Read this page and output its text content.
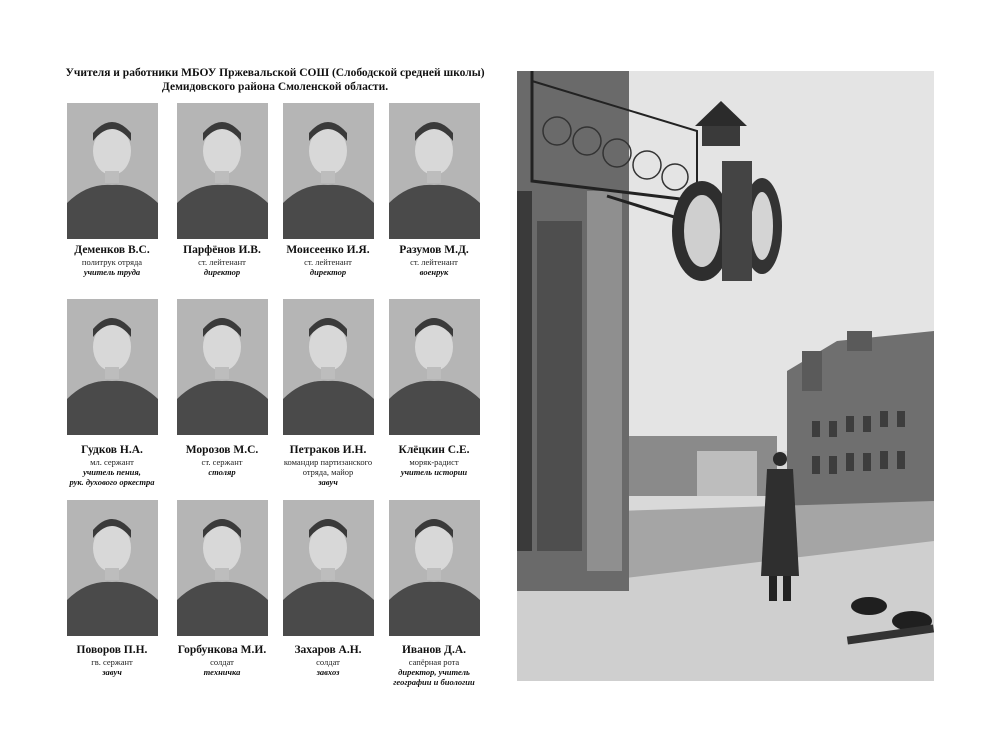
Учителя и работники МБОУ Пржевальской СОШ (Слободской средней школы)
Демидовского района Смоленской области.
Деменков В.С.
политрук отряда
учитель труда
Парфёнов И.В.
ст. лейтенант
директор
Моисеенко И.Я.
ст. лейтенант
директор
Разумов М.Д.
ст. лейтенант
военрук
Гудков Н.А.
мл. сержант
учитель пения,
рук. духового оркестра
Морозов М.С.
ст. сержант
столяр
Петраков И.Н.
командир партизанского
отряда, майор
завуч
Клёцкин С.Е.
моряк-радист
учитель истории
Поворов П.Н.
гв. сержант
завуч
Горбункова М.И.
солдат
техничка
Захаров А.Н.
солдат
завхоз
Иванов Д.А.
сапёрная рота
директор, учитель
географии и биологии
